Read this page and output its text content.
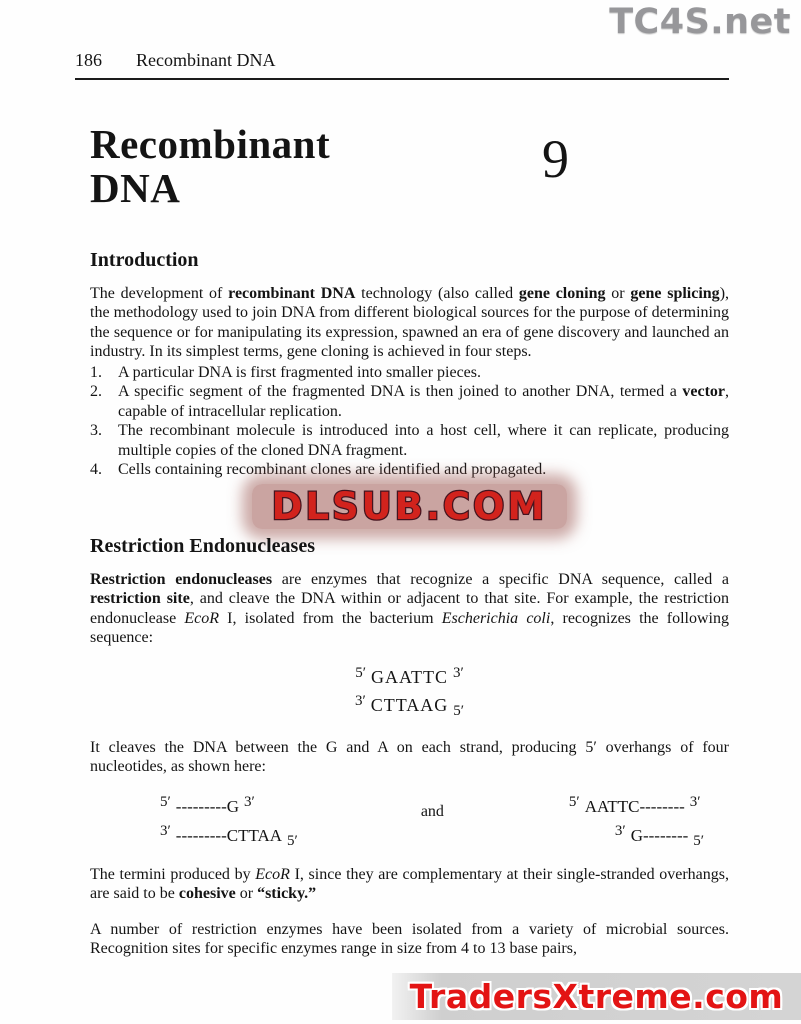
TC4S.net
186 Recombinant DNA
Recombinant
DNA	9
Introduction

The development of recombinant DNA technology (also called gene cloning or gene splicing), the methodology used to join DNA from different biological sources for the purpose of determining the sequence or for manipulating its expression, spawned an era of gene discovery and launched an industry. In its simplest terms, gene cloning is achieved in four steps.

1.	A particular DNA is first fragmented into smaller pieces.
2.	A specific segment of the fragmented DNA is then joined to another DNA, termed a vector, capable of intracellular replication.
3.	The recombinant molecule is introduced into a host cell, where it can replicate, producing multiple copies of the cloned DNA fragment.
4.	Cells containing recombinant clones are identified and propagated.
DLSUB.COM
Restriction Endonucleases

Restriction endonucleases are enzymes that recognize a specific DNA sequence, called a restriction site, and cleave the DNA within or adjacent to that site. For example, the restriction endonuclease EcoR I, isolated from the bacterium Escherichia coli, recognizes the following sequence:

$^{5'}$ GAATTC $^{3'}$
$^{3'}$ CTTAAG $_{5'}$

It cleaves the DNA between the G and A on each strand, producing 5′ overhangs of four nucleotides, as shown here:

5′ ---------G 3′
3′ ---------CTTAA 5′
and
5′ AATTC-------- 3′
3′ G-------- 5′

The termini produced by EcoR I, since they are complementary at their single-stranded overhangs, are said to be cohesive or “sticky.”

A number of restriction enzymes have been isolated from a variety of microbial sources. Recognition sites for specific enzymes range in size from 4 to 13 base pairs,

TradersXtreme.com
